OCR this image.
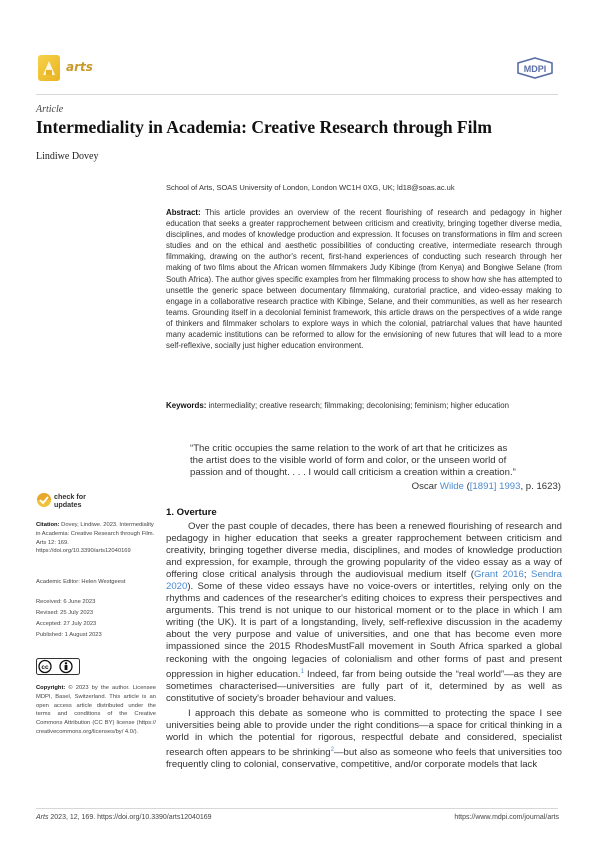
arts	MDPI
Article
Intermediality in Academia: Creative Research through Film
Lindiwe Dovey
School of Arts, SOAS University of London, London WC1H 0XG, UK; ld18@soas.ac.uk
Abstract: This article provides an overview of the recent flourishing of research and pedagogy in higher education that seeks a greater rapprochement between criticism and creativity, bringing together diverse media, disciplines, and modes of knowledge production and expression. It focuses on transformations in film and screen studies and on the ethical and aesthetic possibilities of conducting creative, intermediate research through filmmaking, drawing on the author's recent, first-hand experiences of conducting such research through her making of two films about the African women filmmakers Judy Kibinge (from Kenya) and Bongiwe Selane (from South Africa). The author gives specific examples from her filmmaking process to show how she has attempted to unsettle the generic space between documentary filmmaking, curatorial practice, and video-essay making to engage in a collaborative research practice with Kibinge, Selane, and their communities, as well as her research teams. Grounding itself in a decolonial feminist framework, this article draws on the perspectives of a wide range of thinkers and filmmaker scholars to explore ways in which the colonial, patriarchal values that have haunted many academic institutions can be reformed to allow for the envisioning of new futures that will lead to a more self-reflexive, socially just higher education environment.
Keywords: intermediality; creative research; filmmaking; decolonising; feminism; higher education
“The critic occupies the same relation to the work of art that he criticizes as the artist does to the visible world of form and color, or the unseen world of passion and of thought. . . . I would call criticism a creation within a creation.”
Oscar Wilde ([1891] 1993, p. 1623)
check for
updates
Citation: Dovey, Lindiwe. 2023. Intermediality in Academia: Creative Research through Film. Arts 12: 169. https://doi.org/10.3390/arts12040169
Academic Editor: Helen Westgeest
Received: 6 June 2023
Revised: 25 July 2023
Accepted: 27 July 2023
Published: 1 August 2023
cc
Copyright: © 2023 by the author. Licensee MDPI, Basel, Switzerland. This article is an open access article distributed under the terms and conditions of the Creative Commons Attribution (CC BY) license (https:// creativecommons.org/licenses/by/ 4.0/).
1. Overture

Over the past couple of decades, there has been a renewed flourishing of research and pedagogy in higher education that seeks a greater rapprochement between criticism and creativity, bringing together diverse media, disciplines, and modes of knowledge production and expression, for example, through the growing popularity of the video essay as a way of offering close critical analysis through the audiovisual medium itself (Grant 2016; Sendra 2020). Some of these video essays have no voice-overs or intertitles, relying only on the rhythms and cadences of the researcher's editing choices to express their perspectives and arguments. This trend is not unique to our historical moment or to the place in which I am writing (the UK). It is part of a longstanding, lively, self-reflexive discussion in the academy about the very purpose and value of universities, and one that has become even more impassioned since the 2015 RhodesMustFall movement in South Africa sparked a global reckoning with the ongoing legacies of colonialism and other forms of past and present oppression in higher education.$^1$ Indeed, far from being outside the “real world”—as they are sometimes characterised—universities are fully part of it, determined by as well as constitutive of society's broader behaviour and values.

I approach this debate as someone who is committed to protecting the space I see universities being able to provide under the right conditions—a space for critical thinking in a world in which the potential for rigorous, respectful debate and considered, specialist research often appears to be shrinking$^2$—but also as someone who feels that universities too frequently cling to colonial, conservative, competitive, and/or corporate models that lack

Arts 2023, 12, 169. https://doi.org/10.3390/arts12040169	https://www.mdpi.com/journal/arts
